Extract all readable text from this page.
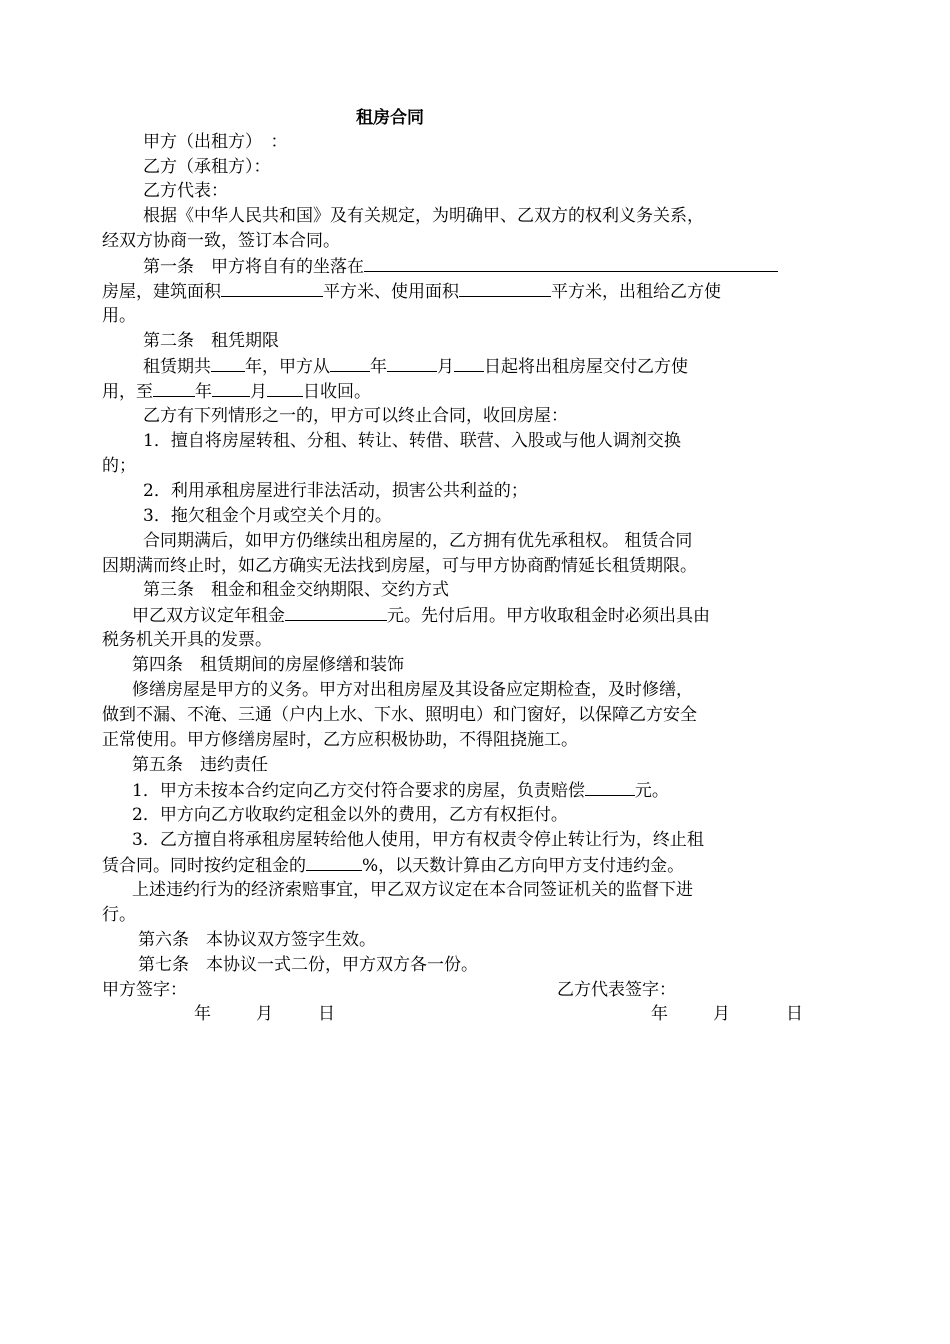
租房合同
甲方（出租方）　：
乙方（承租方）：
乙方代表：
根据《中华人民共和国》及有关规定，为明确甲、乙双方的权利义务关系，
经双方协商一致，签订本合同。
第一条　甲方将自有的坐落在
房屋，建筑面积	平方米、使用面积	平方米，出租给乙方使
用。
第二条　租凭期限
租赁期共 年，甲方从 年	月 日起将出租房屋交付乙方使
用，至 年 月 日收回。
乙方有下列情形之一的，甲方可以终止合同，收回房屋：
1．擅自将房屋转租、分租、转让、转借、联营、入股或与他人调剂交换
的；
2．利用承租房屋进行非法活动，损害公共利益的；
3．拖欠租金个月或空关个月的。
合同期满后，如甲方仍继续出租房屋的，乙方拥有优先承租权。 租赁合同
因期满而终止时，如乙方确实无法找到房屋，可与甲方协商酌情延长租赁期限。
第三条　租金和租金交纳期限、交约方式
甲乙双方议定年租金	元。先付后用。甲方收取租金时必须出具由
税务机关开具的发票。
第四条　租赁期间的房屋修缮和装饰
修缮房屋是甲方的义务。甲方对出租房屋及其设备应定期检查，及时修缮，
做到不漏、不淹、三通（户内上水、下水、照明电）和门窗好，以保障乙方安全
正常使用。甲方修缮房屋时，乙方应积极协助，不得阻挠施工。
第五条　违约责任
1．甲方未按本合约定向乙方交付符合要求的房屋，负责赔偿	元。
2．甲方向乙方收取约定租金以外的费用，乙方有权拒付。
3．乙方擅自将承租房屋转给他人使用，甲方有权责令停止转让行为，终止租
赁合同。同时按约定租金的	%，以天数计算由乙方向甲方支付违约金。
上述违约行为的经济索赔事宜，甲乙双方议定在本合同签证机关的监督下进
行。
第六条　本协议双方签字生效。
第七条　本协议一式二份，甲方双方各一份。
甲方签字：	乙方代表签字：
年	月	日	年	月	日
